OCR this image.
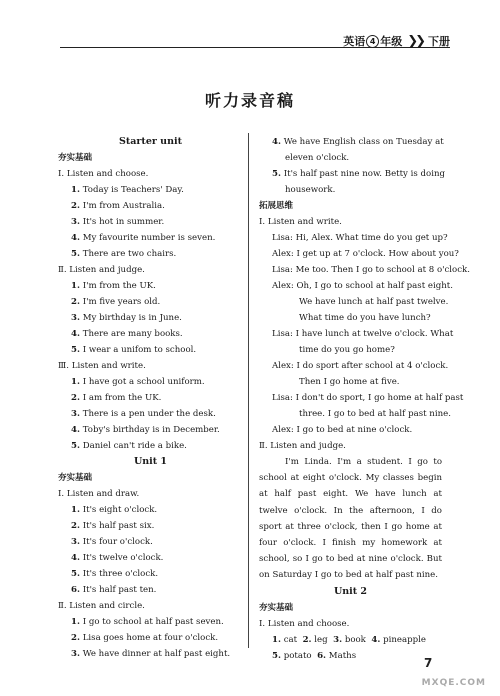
英语 4 年级 ❯❯ 下册
听力录音稿
Starter unit
夯实基础
Ⅰ. Listen and choose.
1. Today is Teachers' Day.
2. I'm from Australia.
3. It's hot in summer.
4. My favourite number is seven.
5. There are two chairs.
Ⅱ. Listen and judge.
1. I'm from the UK.
2. I'm five years old.
3. My birthday is in June.
4. There are many books.
5. I wear a unifom to school.
Ⅲ. Listen and write.
1. I have got a school uniform.
2. I am from the UK.
3. There is a pen under the desk.
4. Toby's birthday is in December.
5. Daniel can't ride a bike.
Unit 1
夯实基础
Ⅰ. Listen and draw.
1. It's eight o'clock.
2. It's half past six.
3. It's four o'clock.
4. It's twelve o'clock.
5. It's three o'clock.
6. It's half past ten.
Ⅱ. Listen and circle.
1. I go to school at half past seven.
2. Lisa goes home at four o'clock.
3. We have dinner at half past eight.
4. We have English class on Tuesday at
eleven o'clock.
5. It's half past nine now. Betty is doing
housework.
拓展思维
Ⅰ. Listen and write.
Lisa: Hi, Alex. What time do you get up?
Alex: I get up at 7 o'clock. How about you?
Lisa: Me too. Then I go to school at 8 o'clock.
Alex: Oh, I go to school at half past eight.
We have lunch at half past twelve.
What time do you have lunch?
Lisa: I have lunch at twelve o'clock. What
time do you go home?
Alex: I do sport after school at 4 o'clock.
Then I go home at five.
Lisa: I don't do sport, I go home at half past
three. I go to bed at half past nine.
Alex: I go to bed at nine o'clock.
Ⅱ. Listen and judge.

I'm Linda. I'm a student. I go to school at eight o'clock. My classes begin at half past eight. We have lunch at twelve o'clock. In the afternoon, I do sport at three o'clock, then I go home at four o'clock. I finish my homework at school, so I go to bed at nine o'clock. But on Saturday I go to bed at half past nine.

Unit 2
夯实基础
Ⅰ. Listen and choose.
1. cat 2. leg 3. book 4. pineapple
5. potato 6. Maths
7
MXQE.COM
